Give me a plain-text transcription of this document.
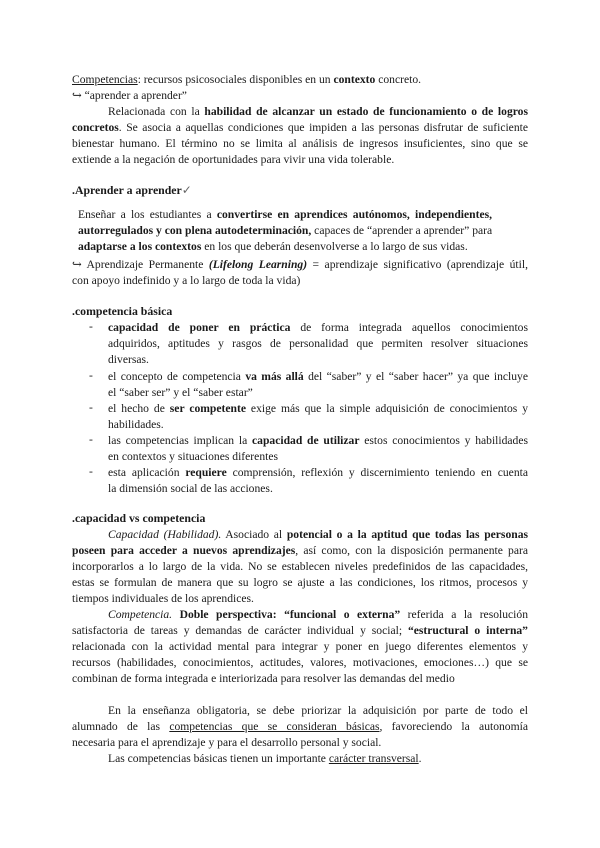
Competencias: recursos psicosociales disponibles en un contexto concreto.
↪ “aprender a aprender”
Relacionada con la habilidad de alcanzar un estado de funcionamiento o de logros
concretos. Se asocia a aquellas condiciones que impiden a las personas disfrutar de suficiente
bienestar humano. El término no se limita al análisis de ingresos insuficientes, sino que se
extiende a la negación de oportunidades para vivir una vida tolerable.
.Aprender a aprender✓
Enseñar a los estudiantes a convertirse en aprendices autónomos, independientes,
autorregulados y con plena autodeterminación, capaces de “aprender a aprender” para
adaptarse a los contextos en los que deberán desenvolverse a lo largo de sus vidas.
↪ Aprendizaje Permanente (Lifelong Learning) = aprendizaje significativo (aprendizaje útil,
con apoyo indefinido y a lo largo de toda la vida)
.competencia básica
- capacidad de poner en práctica de forma integrada aquellos conocimientos
adquiridos, aptitudes y rasgos de personalidad que permiten resolver situaciones
diversas.
- el concepto de competencia va más allá del “saber” y el “saber hacer” ya que incluye
el “saber ser” y el “saber estar”
- el hecho de ser competente exige más que la simple adquisición de conocimientos y
habilidades.
- las competencias implican la capacidad de utilizar estos conocimientos y habilidades
en contextos y situaciones diferentes
- esta aplicación requiere comprensión, reflexión y discernimiento teniendo en cuenta
la dimensión social de las acciones.
.capacidad vs competencia
Capacidad (Habilidad). Asociado al potencial o a la aptitud que todas las personas
poseen para acceder a nuevos aprendizajes, así como, con la disposición permanente para
incorporarlos a lo largo de la vida. No se establecen niveles predefinidos de las capacidades,
estas se formulan de manera que su logro se ajuste a las condiciones, los ritmos, procesos y
tiempos individuales de los aprendices.
Competencia. Doble perspectiva: “funcional o externa” referida a la resolución
satisfactoria de tareas y demandas de carácter individual y social; “estructural o interna”
relacionada con la actividad mental para integrar y poner en juego diferentes elementos y
recursos (habilidades, conocimientos, actitudes, valores, motivaciones, emociones…) que se
combinan de forma integrada e interiorizada para resolver las demandas del medio
En la enseñanza obligatoria, se debe priorizar la adquisición por parte de todo el
alumnado de las competencias que se consideran básicas, favoreciendo la autonomía
necesaria para el aprendizaje y para el desarrollo personal y social.
Las competencias básicas tienen un importante carácter transversal.
